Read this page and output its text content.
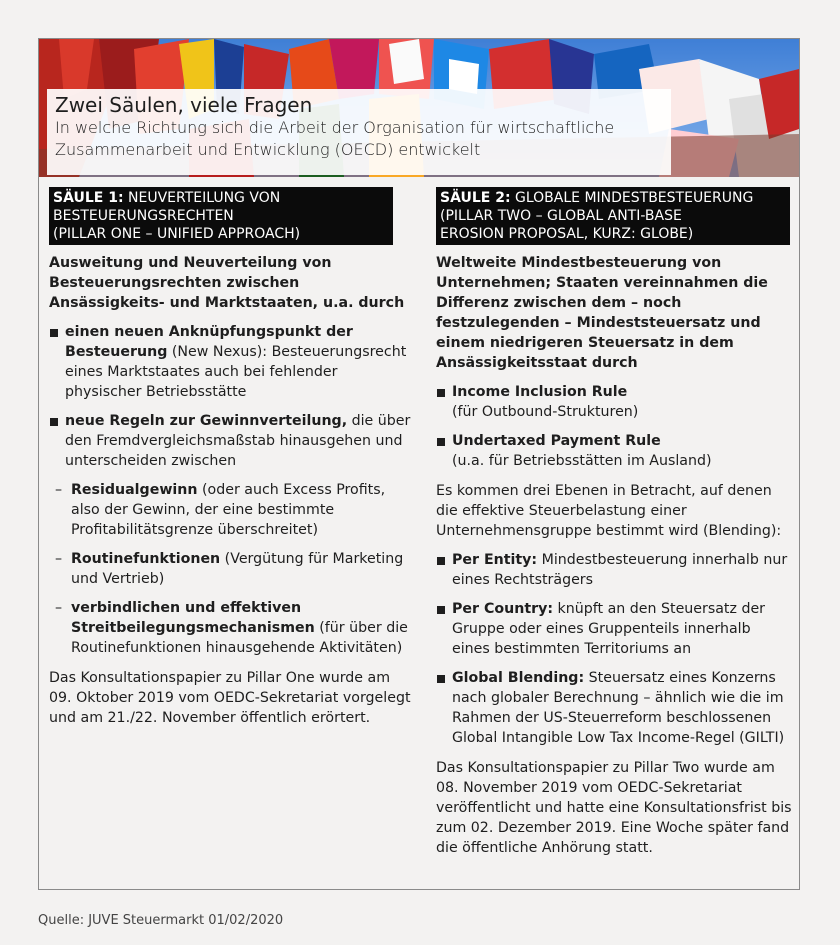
Zwei Säulen, viele Fragen

In welche Richtung sich die Arbeit der Organisation für wirtschaftliche

Zusammenarbeit und Entwicklung (OECD) entwickelt

SÄULE 1: NEUVERTEILUNG VON
BESTEUERUNGSRECHTEN
(PILLAR ONE – UNIFIED APPROACH)
Ausweitung und Neuverteilung von Besteuerungsrechten zwischen Ansässigkeits- und Marktstaaten, u.a. durch
einen neuen Anknüpfungspunkt der Besteuerung (New Nexus): Besteuerungsrecht eines Marktstaates auch bei fehlender physischer Betriebsstätte
neue Regeln zur Gewinnverteilung, die über den Fremdvergleichsmaßstab hinausgehen und unterscheiden zwischen
– Residualgewinn (oder auch Excess Profits, also der Gewinn, der eine bestimmte Profitabilitätsgrenze überschreitet)
– Routinefunktionen (Vergütung für Marketing und Vertrieb)
– verbindlichen und effektiven Streitbeilegungsmechanismen (für über die Routinefunktionen hinausgehende Aktivitäten)
Das Konsultationspapier zu Pillar One wurde am 09. Oktober 2019 vom OEDC-Sekretariat vorgelegt und am 21./22. November öffentlich erörtert.
SÄULE 2: GLOBALE MINDESTBESTEUERUNG
(PILLAR TWO – GLOBAL ANTI-BASE
EROSION PROPOSAL, KURZ: GLOBE)
Weltweite Mindestbesteuerung von Unternehmen; Staaten vereinnahmen die Differenz zwischen dem – noch festzulegenden – Mindeststeuersatz und einem niedrigeren Steuersatz in dem Ansässigkeitsstaat durch
Income Inclusion Rule
(für Outbound-Strukturen)
Undertaxed Payment Rule
(u.a. für Betriebsstätten im Ausland)
Es kommen drei Ebenen in Betracht, auf denen die effektive Steuerbelastung einer Unternehmensgruppe bestimmt wird (Blending):
Per Entity: Mindestbesteuerung innerhalb nur eines Rechtsträgers
Per Country: knüpft an den Steuersatz der Gruppe oder eines Gruppenteils innerhalb eines bestimmten Territoriums an
Global Blending: Steuersatz eines Konzerns nach globaler Berechnung – ähnlich wie die im Rahmen der US-Steuerreform beschlossenen Global Intangible Low Tax Income-Regel (GILTI)
Das Konsultationspapier zu Pillar Two wurde am 08. November 2019 vom OEDC-Sekretariat veröffentlicht und hatte eine Konsultationsfrist bis zum 02. Dezember 2019. Eine Woche später fand die öffentliche Anhörung statt.
Quelle: JUVE Steuermarkt 01/02/2020
